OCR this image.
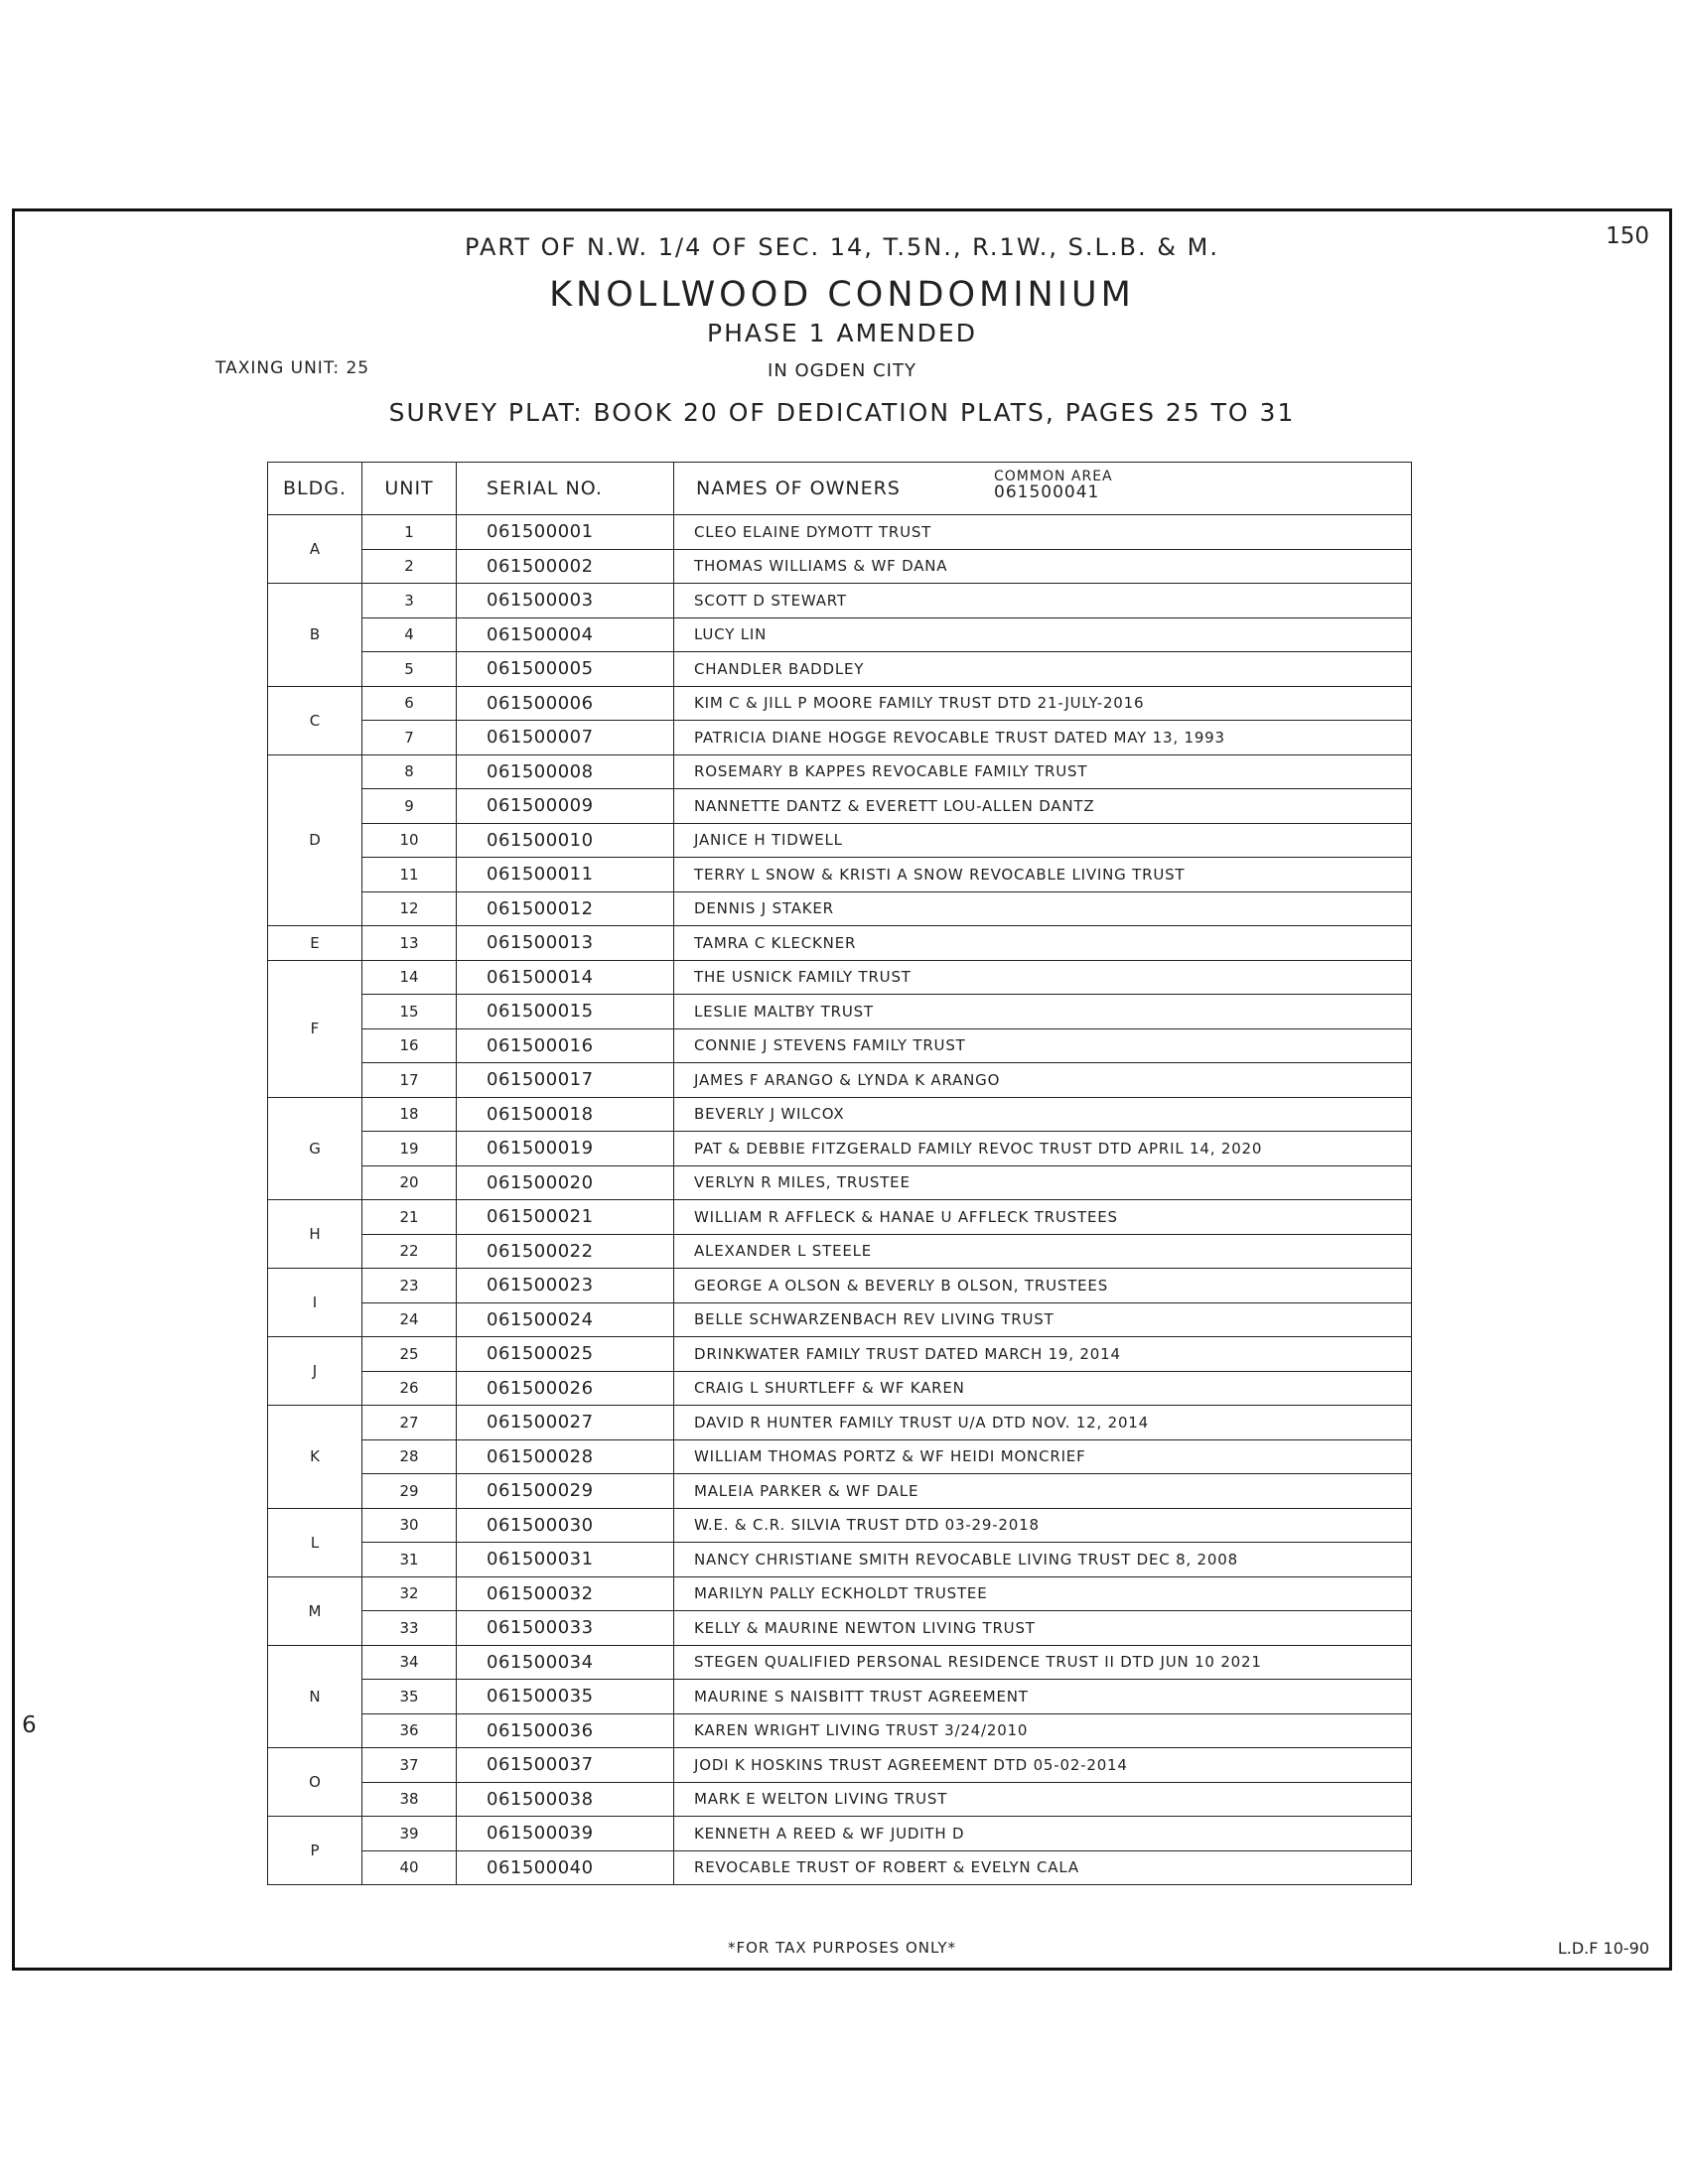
PART OF N.W. 1/4 OF SEC. 14, T.5N., R.1W., S.L.B. & M.
KNOLLWOOD CONDOMINIUM
PHASE 1 AMENDED
IN OGDEN CITY
SURVEY PLAT: BOOK 20 OF DEDICATION PLATS, PAGES 25 TO 31
TAXING UNIT: 25
150
BLDG.	UNIT	SERIAL NO.	NAMES OF OWNERS
COMMON AREA
061500041

A	1	061500001	CLEO ELAINE DYMOTT TRUST
	2	061500002	THOMAS WILLIAMS & WF DANA
B	3	061500003	SCOTT D STEWART
	4	061500004	LUCY LIN
	5	061500005	CHANDLER BADDLEY
C	6	061500006	KIM C & JILL P MOORE FAMILY TRUST DTD 21-JULY-2016
	7	061500007	PATRICIA DIANE HOGGE REVOCABLE TRUST DATED MAY 13, 1993
D	8	061500008	ROSEMARY B KAPPES REVOCABLE FAMILY TRUST
	9	061500009	NANNETTE DANTZ & EVERETT LOU-ALLEN DANTZ
	10	061500010	JANICE H TIDWELL
	11	061500011	TERRY L SNOW & KRISTI A SNOW REVOCABLE LIVING TRUST
	12	061500012	DENNIS J STAKER
E	13	061500013	TAMRA C KLECKNER
F	14	061500014	THE USNICK FAMILY TRUST
	15	061500015	LESLIE MALTBY TRUST
	16	061500016	CONNIE J STEVENS FAMILY TRUST
	17	061500017	JAMES F ARANGO & LYNDA K ARANGO
G	18	061500018	BEVERLY J WILCOX
	19	061500019	PAT & DEBBIE FITZGERALD FAMILY REVOC TRUST DTD APRIL 14, 2020
	20	061500020	VERLYN R MILES, TRUSTEE
H	21	061500021	WILLIAM R AFFLECK & HANAE U AFFLECK TRUSTEES
	22	061500022	ALEXANDER L STEELE
I	23	061500023	GEORGE A OLSON & BEVERLY B OLSON, TRUSTEES
	24	061500024	BELLE SCHWARZENBACH REV LIVING TRUST
J	25	061500025	DRINKWATER FAMILY TRUST DATED MARCH 19, 2014
	26	061500026	CRAIG L SHURTLEFF & WF KAREN
K	27	061500027	DAVID R HUNTER FAMILY TRUST U/A DTD NOV. 12, 2014
	28	061500028	WILLIAM THOMAS PORTZ & WF HEIDI MONCRIEF
	29	061500029	MALEIA PARKER & WF DALE
L	30	061500030	W.E. & C.R. SILVIA TRUST DTD 03-29-2018
	31	061500031	NANCY CHRISTIANE SMITH REVOCABLE LIVING TRUST DEC 8, 2008
M	32	061500032	MARILYN PALLY ECKHOLDT TRUSTEE
	33	061500033	KELLY & MAURINE NEWTON LIVING TRUST
N	34	061500034	STEGEN QUALIFIED PERSONAL RESIDENCE TRUST II DTD JUN 10 2021
	35	061500035	MAURINE S NAISBITT TRUST AGREEMENT
	36	061500036	KAREN WRIGHT LIVING TRUST 3/24/2010
O	37	061500037	JODI K HOSKINS TRUST AGREEMENT DTD 05-02-2014
	38	061500038	MARK E WELTON LIVING TRUST
P	39	061500039	KENNETH A REED & WF JUDITH D
	40	061500040	REVOCABLE TRUST OF ROBERT & EVELYN CALA
*FOR TAX PURPOSES ONLY*	L.D.F 10-90
6
